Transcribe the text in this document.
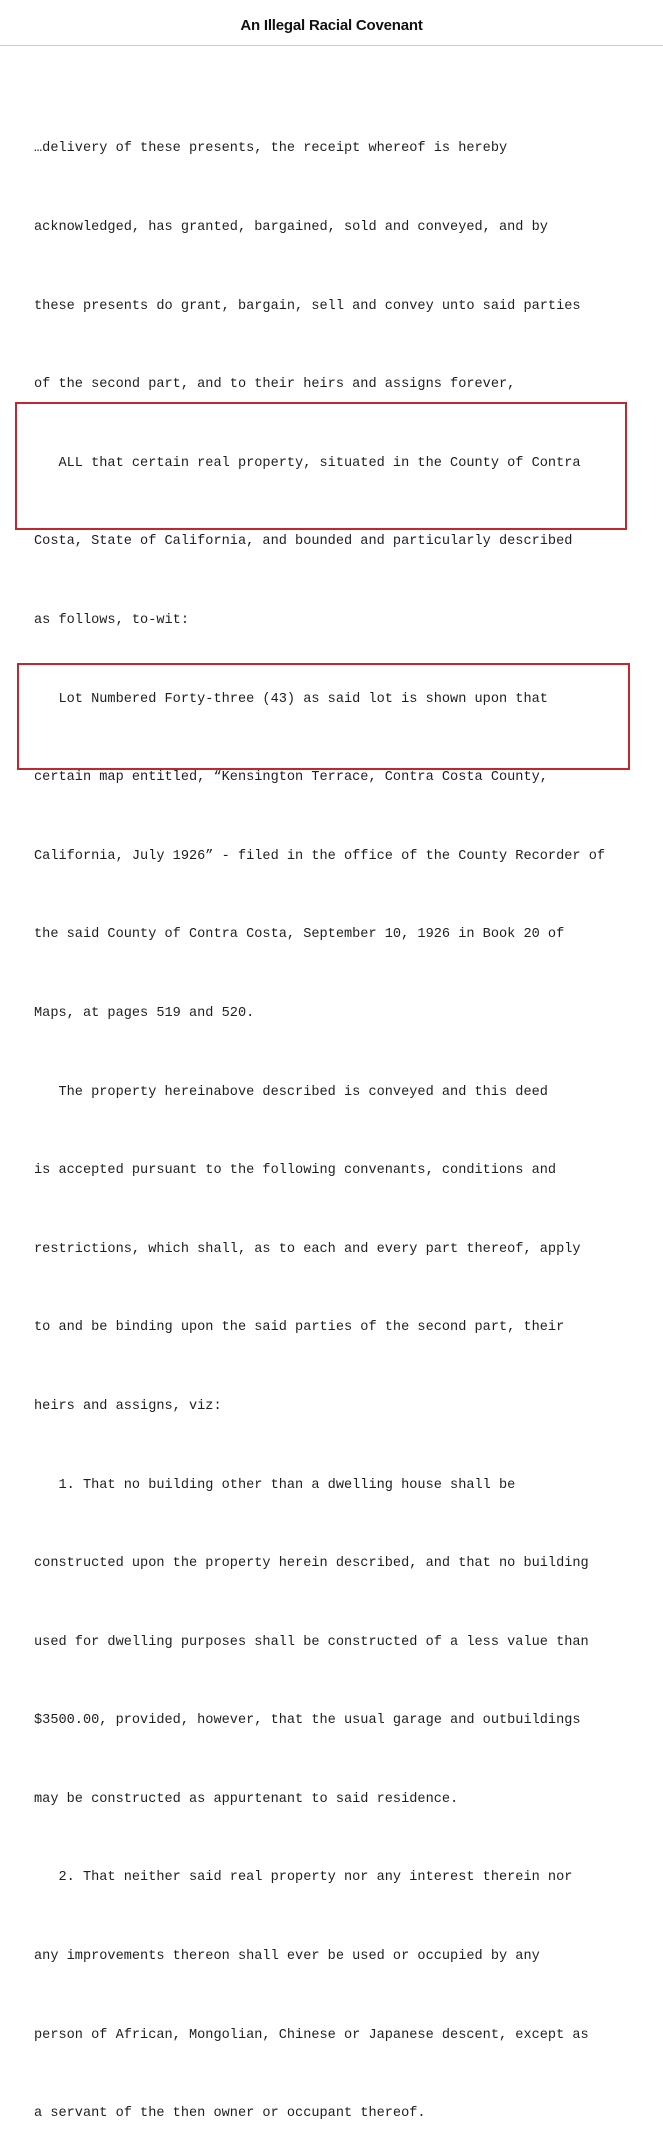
An Illegal Racial Covenant

…delivery of these presents, the receipt whereof is hereby

acknowledged, has granted, bargained, sold and conveyed, and by

these presents do grant, bargain, sell and convey unto said parties

of the second part, and to their heirs and assigns forever,

ALL that certain real property, situated in the County of Contra

Costa, State of California, and bounded and particularly described

as follows, to-wit:

Lot Numbered Forty-three (43) as said lot is shown upon that

certain map entitled, “Kensington Terrace, Contra Costa County,

California, July 1926” - filed in the office of the County Recorder of

the said County of Contra Costa, September 10, 1926 in Book 20 of

Maps, at pages 519 and 520.

The property hereinabove described is conveyed and this deed

is accepted pursuant to the following convenants, conditions and

restrictions, which shall, as to each and every part thereof, apply

to and be binding upon the said parties of the second part, their

heirs and assigns, viz:

1. That no building other than a dwelling house shall be

constructed upon the property herein described, and that no building

used for dwelling purposes shall be constructed of a less value than

$3500.00, provided, however, that the usual garage and outbuildings

may be constructed as appurtenant to said residence.

2. That neither said real property nor any interest therein nor

any improvements thereon shall ever be used or occupied by any

person of African, Mongolian, Chinese or Japanese descent, except as

a servant of the then owner or occupant thereof.
